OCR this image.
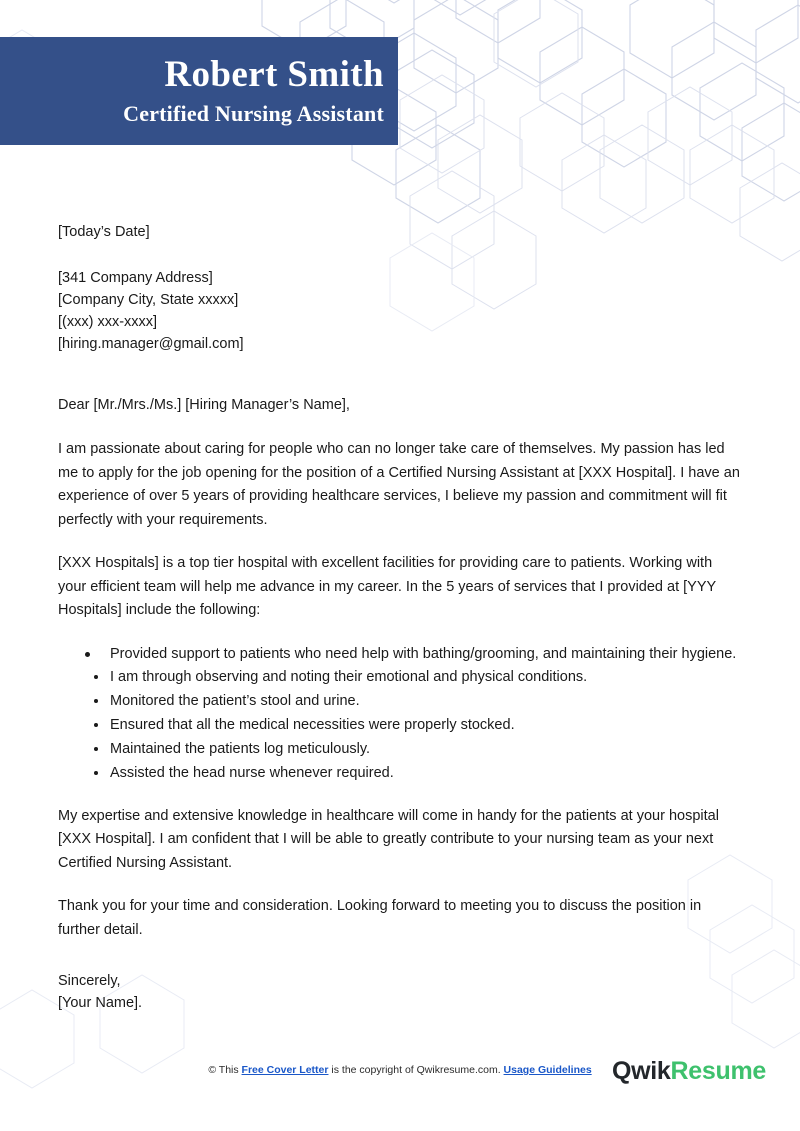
Robert Smith
Certified Nursing Assistant
[Today’s Date]
[341 Company Address]
[Company City, State xxxxx]
[(xxx) xxx-xxxx]
[hiring.manager@gmail.com]
Dear [Mr./Mrs./Ms.] [Hiring Manager’s Name],

I am passionate about caring for people who can no longer take care of themselves. My passion has led me to apply for the job opening for the position of a Certified Nursing Assistant at [XXX Hospital]. I have an experience of over 5 years of providing healthcare services, I believe my passion and commitment will fit perfectly with your requirements.

[XXX Hospitals] is a top tier hospital with excellent facilities for providing care to patients. Working with your efficient team will help me advance in my career. In the 5 years of services that I provided at [YYY Hospitals] include the following:

Provided support to patients who need help with bathing/grooming, and maintaining their hygiene.
I am through observing and noting their emotional and physical conditions.
Monitored the patient’s stool and urine.
Ensured that all the medical necessities were properly stocked.
Maintained the patients log meticulously.
Assisted the head nurse whenever required.

My expertise and extensive knowledge in healthcare will come in handy for the patients at your hospital [XXX Hospital]. I am confident that I will be able to greatly contribute to your nursing team as your next Certified Nursing Assistant.

Thank you for your time and consideration. Looking forward to meeting you to discuss the position in further detail.

Sincerely,
[Your Name].
© This Free Cover Letter is the copyright of Qwikresume.com. Usage Guidelines QwikResume
